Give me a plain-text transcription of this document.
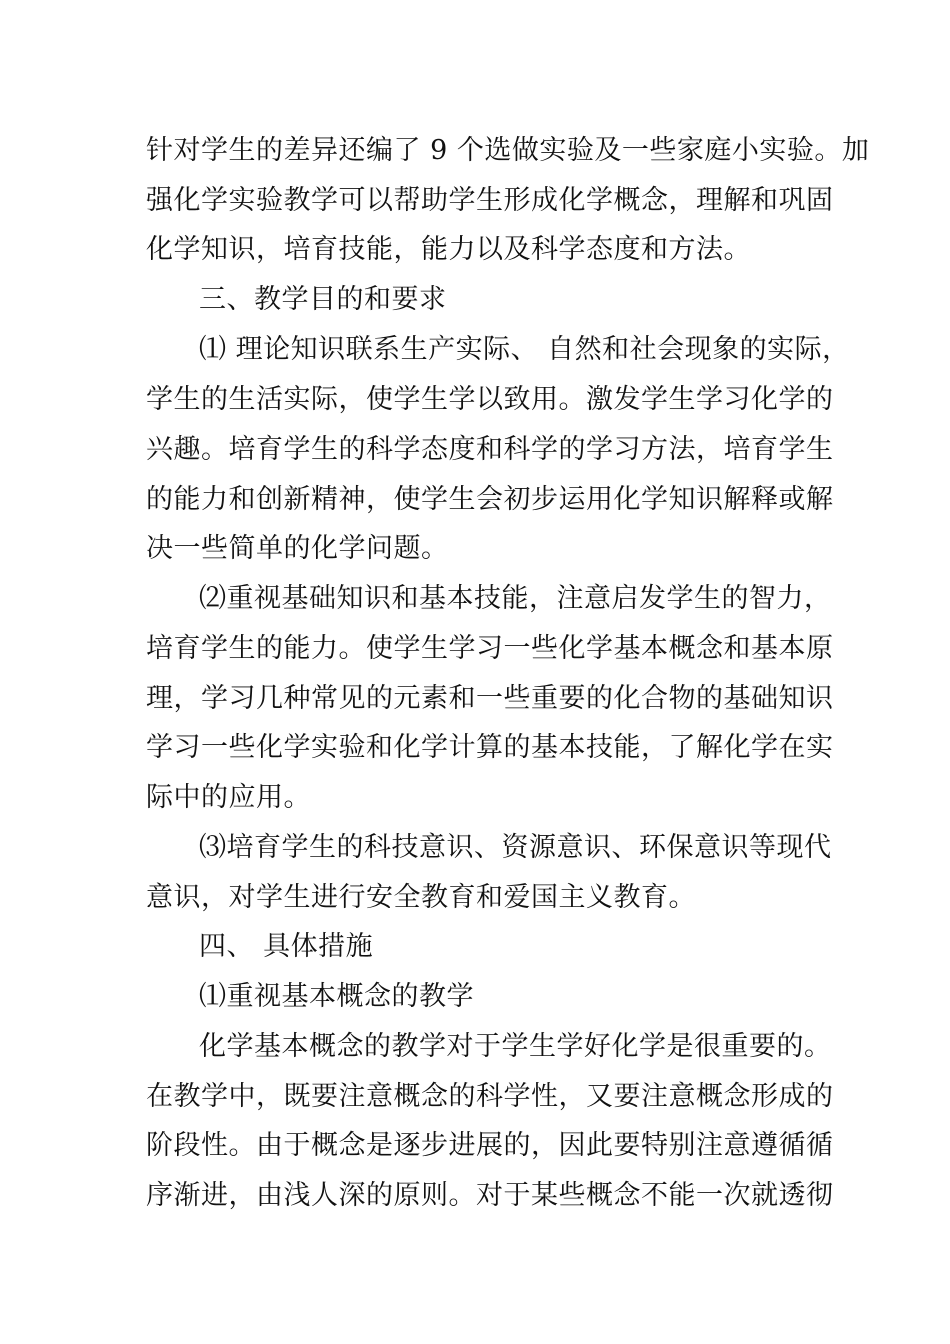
针对学生的差异还编了 9 个选做实验及一些家庭小实验。加
强化学实验教学可以帮助学生形成化学概念，理解和巩固
化学知识，培育技能，能力以及科学态度和方法。
三、教学目的和要求
⑴ 理论知识联系生产实际、 自然和社会现象的实际，
学生的生活实际，使学生学以致用。激发学生学习化学的
兴趣。培育学生的科学态度和科学的学习方法，培育学生
的能力和创新精神，使学生会初步运用化学知识解释或解
决一些简单的化学问题。
⑵重视基础知识和基本技能，注意启发学生的智力，
培育学生的能力。使学生学习一些化学基本概念和基本原
理，学习几种常见的元素和一些重要的化合物的基础知识
学习一些化学实验和化学计算的基本技能，了解化学在实
际中的应用。
⑶培育学生的科技意识、资源意识、环保意识等现代
意识，对学生进行安全教育和爱国主义教育。
四、 具体措施
⑴重视基本概念的教学
化学基本概念的教学对于学生学好化学是很重要的。
在教学中，既要注意概念的科学性，又要注意概念形成的
阶段性。由于概念是逐步进展的，因此要特别注意遵循循
序渐进，由浅人深的原则。对于某些概念不能一次就透彻
